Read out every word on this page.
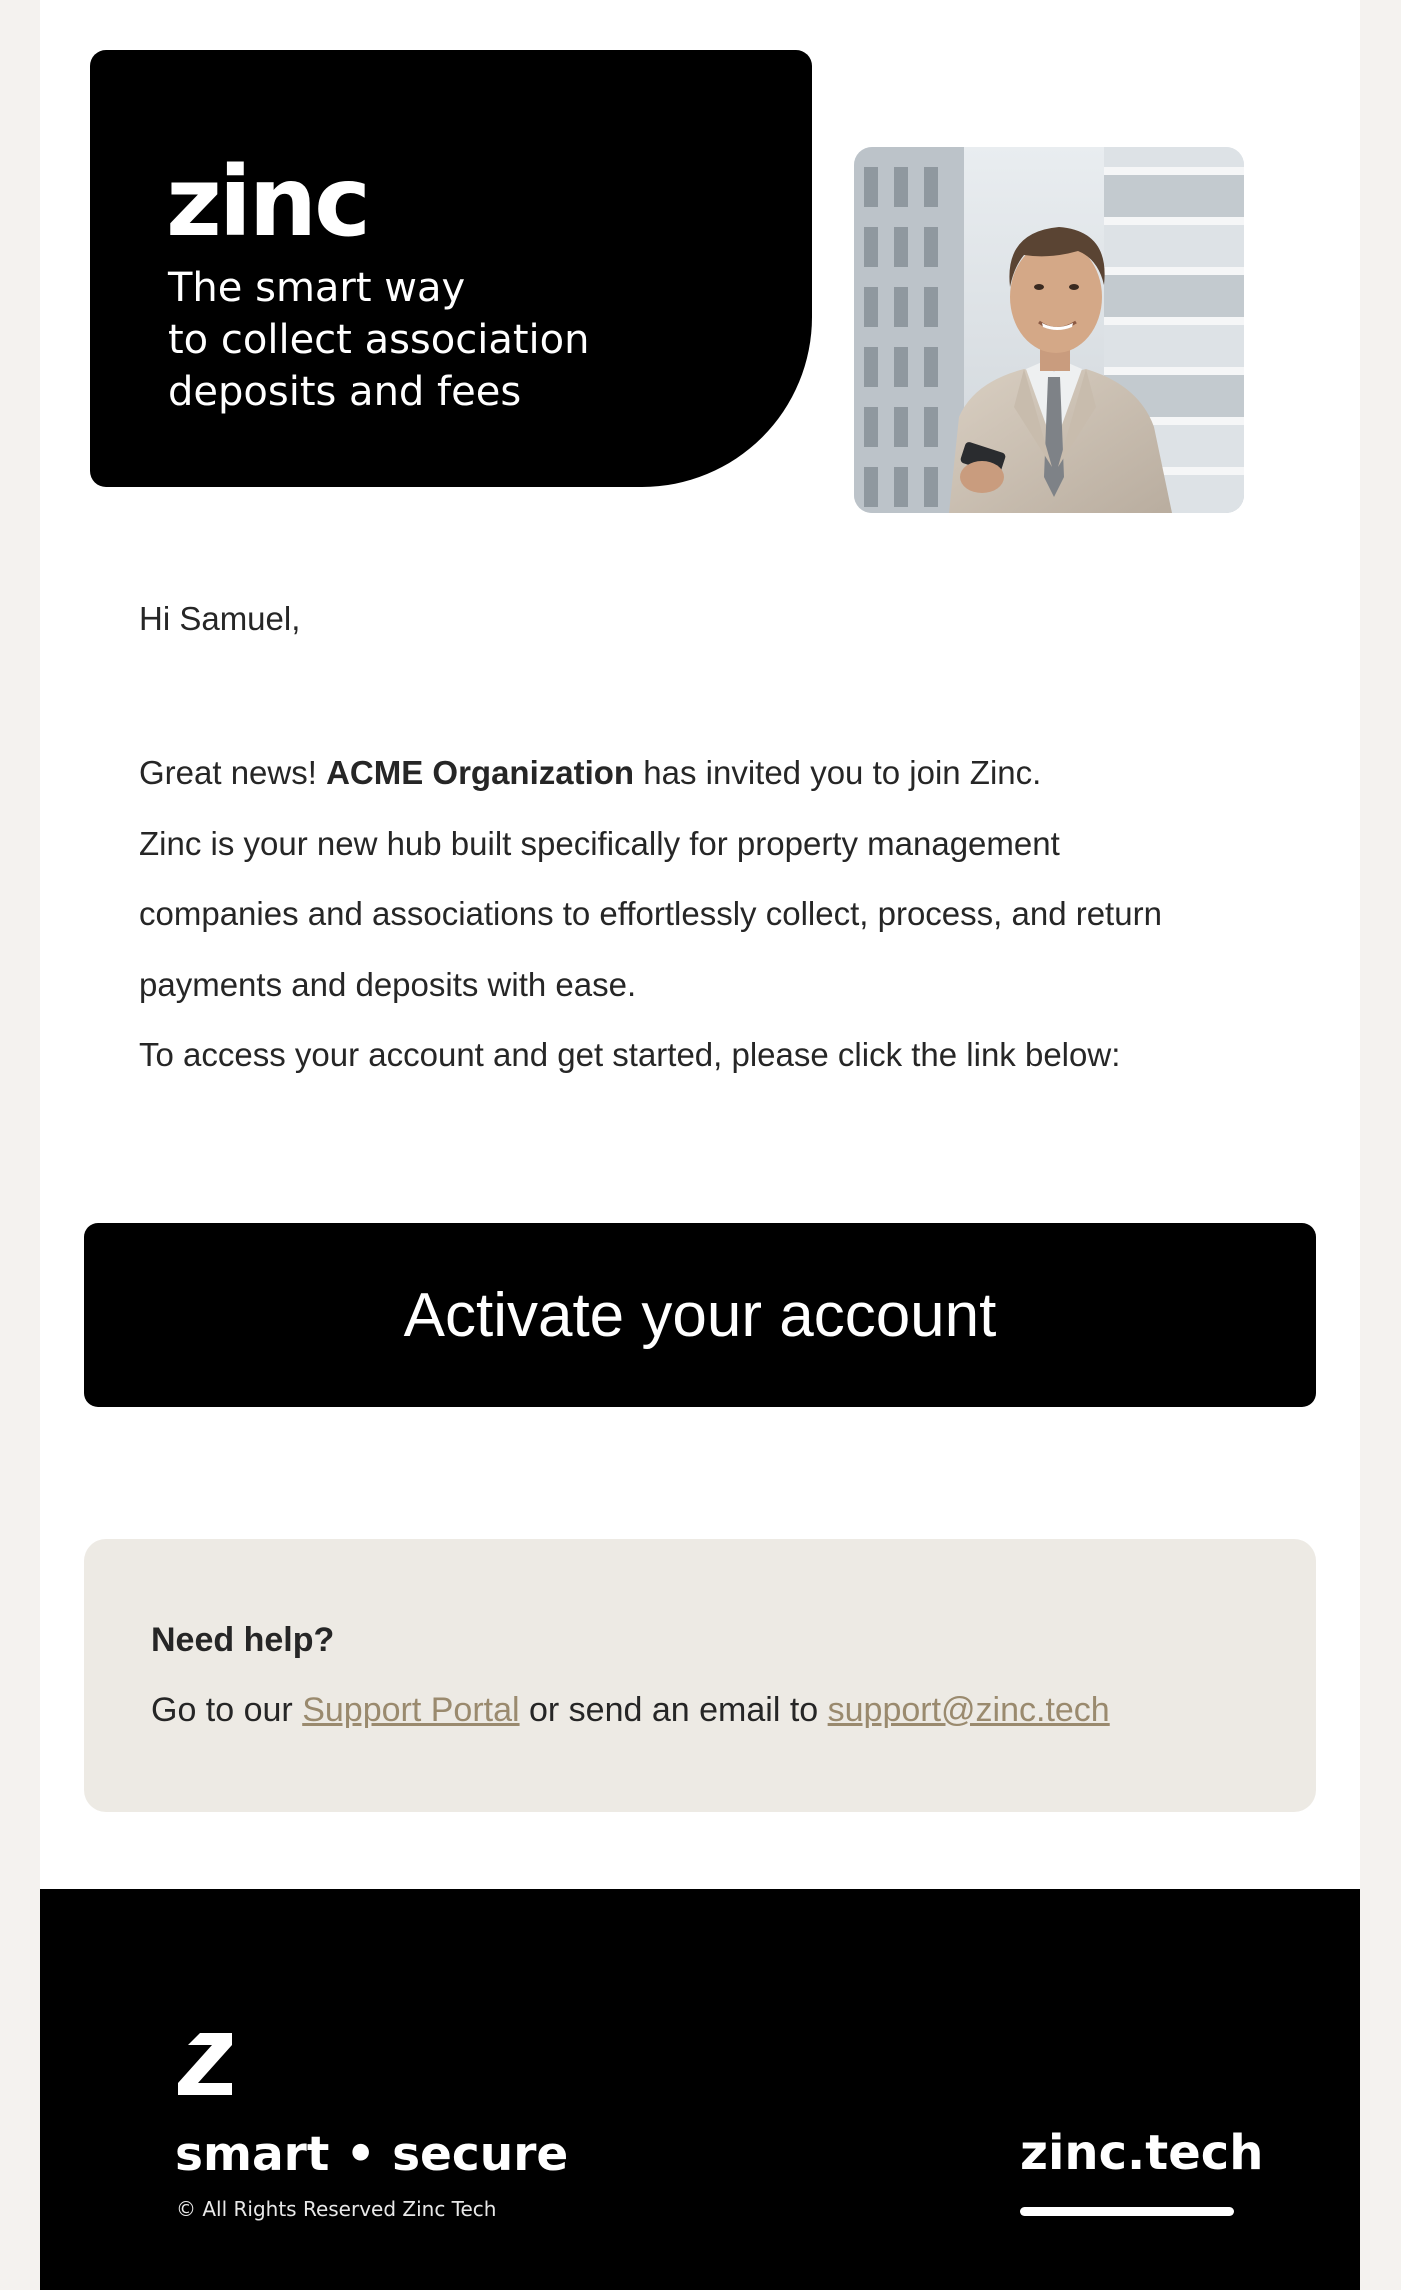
zinc
The smart way
to collect association
deposits and fees
Hi Samuel,
Great news! ACME Organization has invited you to join Zinc.
Zinc is your new hub built specifically for property management
companies and associations to effortlessly collect, process, and return
payments and deposits with ease.
To access your account and get started, please click the link below:
Activate your account
Need help?
Go to our Support Portal or send an email to support@zinc.tech
smart • secure
© All Rights Reserved Zinc Tech
zinc.tech
